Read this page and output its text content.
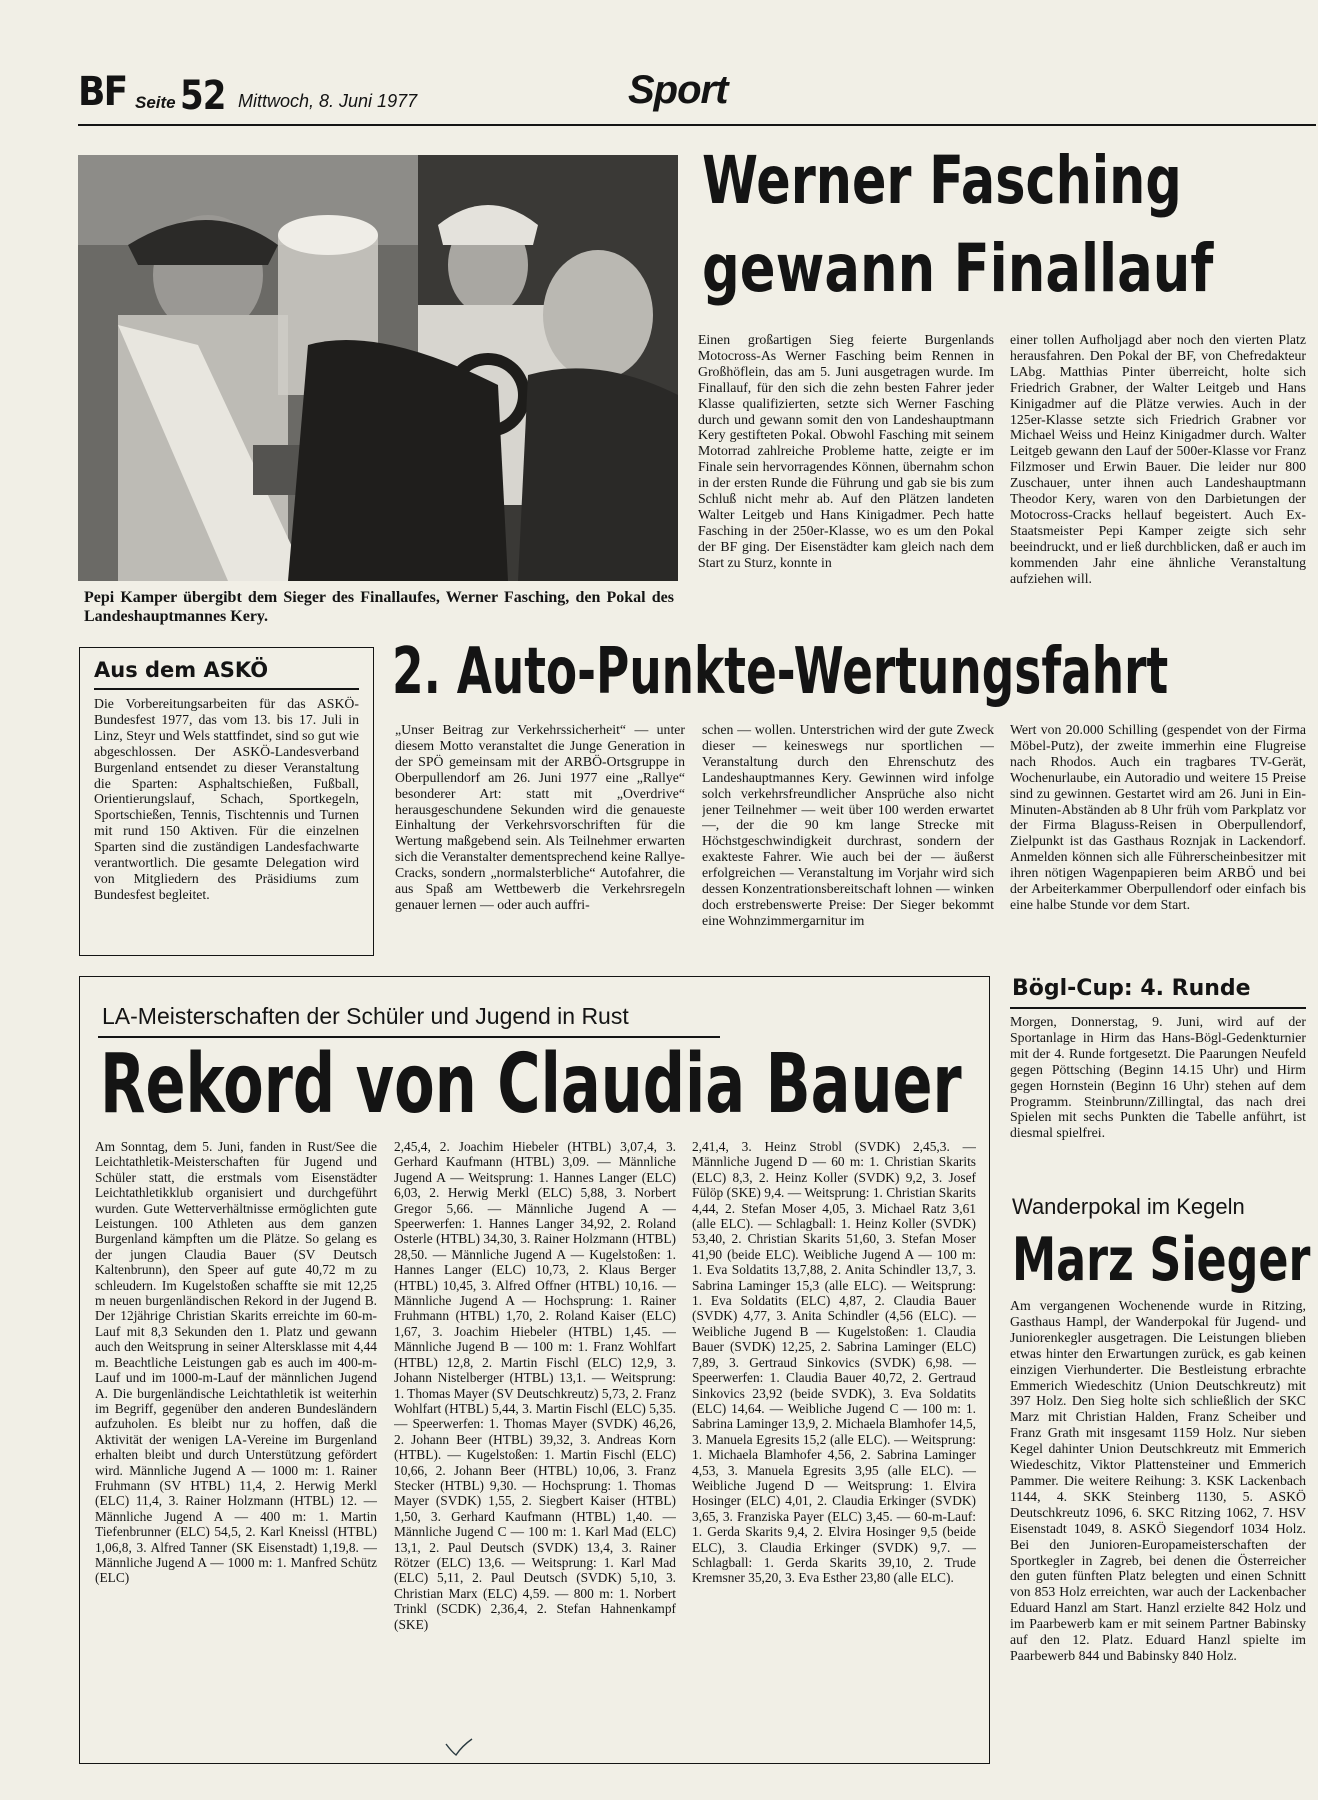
BF Seite 52 Mittwoch, 8. Juni 1977	Sport
Werner Fasching
gewann Finallauf
Pepi Kamper übergibt dem Sieger des Finallaufes, Werner Fasching, den Pokal des Landeshauptmannes Kery.
Einen großartigen Sieg feierte Burgenlands Motocross-As Werner Fasching beim Rennen in Großhöflein, das am 5. Juni ausgetragen wurde. Im Finallauf, für den sich die zehn besten Fahrer jeder Klasse qualifizierten, setzte sich Werner Fasching durch und gewann somit den von Landeshauptmann Kery gestifteten Pokal. Obwohl Fasching mit seinem Motorrad zahlreiche Probleme hatte, zeigte er im Finale sein hervorragendes Können, übernahm schon in der ersten Runde die Führung und gab sie bis zum Schluß nicht mehr ab. Auf den Plätzen landeten Walter Leitgeb und Hans Kinigadmer. Pech hatte Fasching in der 250er-Klasse, wo es um den Pokal der BF ging. Der Eisenstädter kam gleich nach dem Start zu Sturz, konnte in
einer tollen Aufholjagd aber noch den vierten Platz herausfahren. Den Pokal der BF, von Chefredakteur LAbg. Matthias Pinter überreicht, holte sich Friedrich Grabner, der Walter Leitgeb und Hans Kinigadmer auf die Plätze verwies. Auch in der 125er-Klasse setzte sich Friedrich Grabner vor Michael Weiss und Heinz Kinigadmer durch. Walter Leitgeb gewann den Lauf der 500er-Klasse vor Franz Filzmoser und Erwin Bauer. Die leider nur 800 Zuschauer, unter ihnen auch Landeshauptmann Theodor Kery, waren von den Darbietungen der Motocross-Cracks hellauf begeistert. Auch Ex-Staatsmeister Pepi Kamper zeigte sich sehr beeindruckt, und er ließ durchblicken, daß er auch im kommenden Jahr eine ähnliche Veranstaltung aufziehen will.
Aus dem ASKÖ
Die Vorbereitungsarbeiten für das ASKÖ-Bundesfest 1977, das vom 13. bis 17. Juli in Linz, Steyr und Wels stattfindet, sind so gut wie abgeschlossen. Der ASKÖ-Landesverband Burgenland entsendet zu dieser Veranstaltung die Sparten: Asphaltschießen, Fußball, Orientierungslauf, Schach, Sportkegeln, Sportschießen, Tennis, Tischtennis und Turnen mit rund 150 Aktiven. Für die einzelnen Sparten sind die zuständigen Landesfachwarte verantwortlich. Die gesamte Delegation wird von Mitgliedern des Präsidiums zum Bundesfest begleitet.
2. Auto-Punkte-Wertungsfahrt
„Unser Beitrag zur Verkehrssicherheit“ — unter diesem Motto veranstaltet die Junge Generation in der SPÖ gemeinsam mit der ARBÖ-Ortsgruppe in Oberpullendorf am 26. Juni 1977 eine „Rallye“ besonderer Art: statt mit „Overdrive“ herausgeschundene Sekunden wird die genaueste Einhaltung der Verkehrsvorschriften für die Wertung maßgebend sein. Als Teilnehmer erwarten sich die Veranstalter dementsprechend keine Rallye-Cracks, sondern „normalsterbliche“ Autofahrer, die aus Spaß am Wettbewerb die Verkehrsregeln genauer lernen — oder auch auffri-
schen — wollen. Unterstrichen wird der gute Zweck dieser — keineswegs nur sportlichen — Veranstaltung durch den Ehrenschutz des Landeshauptmannes Kery. Gewinnen wird infolge solch verkehrsfreundlicher Ansprüche also nicht jener Teilnehmer — weit über 100 werden erwartet —, der die 90 km lange Strecke mit Höchstgeschwindigkeit durchrast, sondern der exakteste Fahrer. Wie auch bei der — äußerst erfolgreichen — Veranstaltung im Vorjahr wird sich dessen Konzentrationsbereitschaft lohnen — winken doch erstrebenswerte Preise: Der Sieger bekommt eine Wohnzimmergarnitur im
Wert von 20.000 Schilling (gespendet von der Firma Möbel-Putz), der zweite immerhin eine Flugreise nach Rhodos. Auch ein tragbares TV-Gerät, Wochenurlaube, ein Autoradio und weitere 15 Preise sind zu gewinnen. Gestartet wird am 26. Juni in Ein-Minuten-Abständen ab 8 Uhr früh vom Parkplatz vor der Firma Blaguss-Reisen in Oberpullendorf, Zielpunkt ist das Gasthaus Roznjak in Lackendorf. Anmelden können sich alle Führerscheinbesitzer mit ihren nötigen Wagenpapieren beim ARBÖ und bei der Arbeiterkammer Oberpullendorf oder einfach bis eine halbe Stunde vor dem Start.
LA-Meisterschaften der Schüler und Jugend in Rust
Rekord von Claudia Bauer
Am Sonntag, dem 5. Juni, fanden in Rust/See die Leichtathletik-Meisterschaften für Jugend und Schüler statt, die erstmals vom Eisenstädter Leichtathletikklub organisiert und durchgeführt wurden. Gute Wetterverhältnisse ermöglichten gute Leistungen. 100 Athleten aus dem ganzen Burgenland kämpften um die Plätze. So gelang es der jungen Claudia Bauer (SV Deutsch Kaltenbrunn), den Speer auf gute 40,72 m zu schleudern. Im Kugelstoßen schaffte sie mit 12,25 m neuen burgenländischen Rekord in der Jugend B. Der 12jährige Christian Skarits erreichte im 60-m-Lauf mit 8,3 Sekunden den 1. Platz und gewann auch den Weitsprung in seiner Altersklasse mit 4,44 m. Beachtliche Leistungen gab es auch im 400-m-Lauf und im 1000-m-Lauf der männlichen Jugend A. Die burgenländische Leichtathletik ist weiterhin im Begriff, gegenüber den anderen Bundesländern aufzuholen. Es bleibt nur zu hoffen, daß die Aktivität der wenigen LA-Vereine im Burgenland erhalten bleibt und durch Unterstützung gefördert wird. Männliche Jugend A — 1000 m: 1. Rainer Fruhmann (SV HTBL) 11,4, 2. Herwig Merkl (ELC) 11,4, 3. Rainer Holzmann (HTBL) 12. — Männliche Jugend A — 400 m: 1. Martin Tiefenbrunner (ELC) 54,5, 2. Karl Kneissl (HTBL) 1,06,8, 3. Alfred Tanner (SK Eisenstadt) 1,19,8. — Männliche Jugend A — 1000 m: 1. Manfred Schütz (ELC)
2,45,4, 2. Joachim Hiebeler (HTBL) 3,07,4, 3. Gerhard Kaufmann (HTBL) 3,09. — Männliche Jugend A — Weitsprung: 1. Hannes Langer (ELC) 6,03, 2. Herwig Merkl (ELC) 5,88, 3. Norbert Gregor 5,66. — Männliche Jugend A — Speerwerfen: 1. Hannes Langer 34,92, 2. Roland Osterle (HTBL) 34,30, 3. Rainer Holzmann (HTBL) 28,50. — Männliche Jugend A — Kugelstoßen: 1. Hannes Langer (ELC) 10,73, 2. Klaus Berger (HTBL) 10,45, 3. Alfred Offner (HTBL) 10,16. — Männliche Jugend A — Hochsprung: 1. Rainer Fruhmann (HTBL) 1,70, 2. Roland Kaiser (ELC) 1,67, 3. Joachim Hiebeler (HTBL) 1,45. — Männliche Jugend B — 100 m: 1. Franz Wohlfart (HTBL) 12,8, 2. Martin Fischl (ELC) 12,9, 3. Johann Nistelberger (HTBL) 13,1. — Weitsprung: 1. Thomas Mayer (SV Deutschkreutz) 5,73, 2. Franz Wohlfart (HTBL) 5,44, 3. Martin Fischl (ELC) 5,35. — Speerwerfen: 1. Thomas Mayer (SVDK) 46,26, 2. Johann Beer (HTBL) 39,32, 3. Andreas Korn (HTBL). — Kugelstoßen: 1. Martin Fischl (ELC) 10,66, 2. Johann Beer (HTBL) 10,06, 3. Franz Stecker (HTBL) 9,30. — Hochsprung: 1. Thomas Mayer (SVDK) 1,55, 2. Siegbert Kaiser (HTBL) 1,50, 3. Gerhard Kaufmann (HTBL) 1,40. — Männliche Jugend C — 100 m: 1. Karl Mad (ELC) 13,1, 2. Paul Deutsch (SVDK) 13,4, 3. Rainer Rötzer (ELC) 13,6. — Weitsprung: 1. Karl Mad (ELC) 5,11, 2. Paul Deutsch (SVDK) 5,10, 3. Christian Marx (ELC) 4,59. — 800 m: 1. Norbert Trinkl (SCDK) 2,36,4, 2. Stefan Hahnenkampf (SKE)
2,41,4, 3. Heinz Strobl (SVDK) 2,45,3. — Männliche Jugend D — 60 m: 1. Christian Skarits (ELC) 8,3, 2. Heinz Koller (SVDK) 9,2, 3. Josef Fülöp (SKE) 9,4. — Weitsprung: 1. Christian Skarits 4,44, 2. Stefan Moser 4,05, 3. Michael Ratz 3,61 (alle ELC). — Schlagball: 1. Heinz Koller (SVDK) 53,40, 2. Christian Skarits 51,60, 3. Stefan Moser 41,90 (beide ELC). Weibliche Jugend A — 100 m: 1. Eva Soldatits 13,7,88, 2. Anita Schindler 13,7, 3. Sabrina Laminger 15,3 (alle ELC). — Weitsprung: 1. Eva Soldatits (ELC) 4,87, 2. Claudia Bauer (SVDK) 4,77, 3. Anita Schindler (4,56 (ELC). — Weibliche Jugend B — Kugelstoßen: 1. Claudia Bauer (SVDK) 12,25, 2. Sabrina Laminger (ELC) 7,89, 3. Gertraud Sinkovics (SVDK) 6,98. — Speerwerfen: 1. Claudia Bauer 40,72, 2. Gertraud Sinkovics 23,92 (beide SVDK), 3. Eva Soldatits (ELC) 14,64. — Weibliche Jugend C — 100 m: 1. Sabrina Laminger 13,9, 2. Michaela Blamhofer 14,5, 3. Manuela Egresits 15,2 (alle ELC). — Weitsprung: 1. Michaela Blamhofer 4,56, 2. Sabrina Laminger 4,53, 3. Manuela Egresits 3,95 (alle ELC). — Weibliche Jugend D — Weitsprung: 1. Elvira Hosinger (ELC) 4,01, 2. Claudia Erkinger (SVDK) 3,65, 3. Franziska Payer (ELC) 3,45. — 60-m-Lauf: 1. Gerda Skarits 9,4, 2. Elvira Hosinger 9,5 (beide ELC), 3. Claudia Erkinger (SVDK) 9,7. — Schlagball: 1. Gerda Skarits 39,10, 2. Trude Kremsner 35,20, 3. Eva Esther 23,80 (alle ELC).
Bögl-Cup: 4. Runde
Morgen, Donnerstag, 9. Juni, wird auf der Sportanlage in Hirm das Hans-Bögl-Gedenkturnier mit der 4. Runde fortgesetzt. Die Paarungen Neufeld gegen Pöttsching (Beginn 14.15 Uhr) und Hirm gegen Hornstein (Beginn 16 Uhr) stehen auf dem Programm. Steinbrunn/Zillingtal, das nach drei Spielen mit sechs Punkten die Tabelle anführt, ist diesmal spielfrei.
Wanderpokal im Kegeln
Marz Sieger
Am vergangenen Wochenende wurde in Ritzing, Gasthaus Hampl, der Wanderpokal für Jugend- und Juniorenkegler ausgetragen. Die Leistungen blieben etwas hinter den Erwartungen zurück, es gab keinen einzigen Vierhunderter. Die Bestleistung erbrachte Emmerich Wiedeschitz (Union Deutschkreutz) mit 397 Holz. Den Sieg holte sich schließlich der SKC Marz mit Christian Halden, Franz Scheiber und Franz Grath mit insgesamt 1159 Holz. Nur sieben Kegel dahinter Union Deutschkreutz mit Emmerich Wiedeschitz, Viktor Plattensteiner und Emmerich Pammer. Die weitere Reihung: 3. KSK Lackenbach 1144, 4. SKK Steinberg 1130, 5. ASKÖ Deutschkreutz 1096, 6. SKC Ritzing 1062, 7. HSV Eisenstadt 1049, 8. ASKÖ Siegendorf 1034 Holz. Bei den Junioren-Europameisterschaften der Sportkegler in Zagreb, bei denen die Österreicher den guten fünften Platz belegten und einen Schnitt von 853 Holz erreichten, war auch der Lackenbacher Eduard Hanzl am Start. Hanzl erzielte 842 Holz und im Paarbewerb kam er mit seinem Partner Babinsky auf den 12. Platz. Eduard Hanzl spielte im Paarbewerb 844 und Babinsky 840 Holz.
